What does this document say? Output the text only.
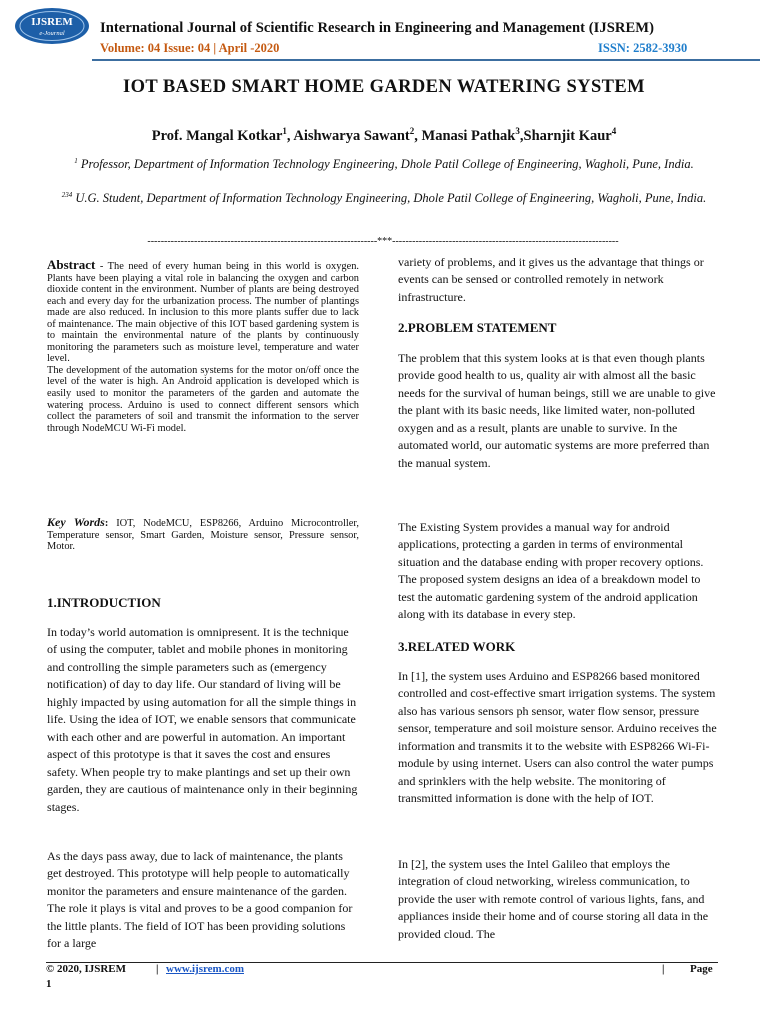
IJSREM
e-Journal International Journal of Scientific Research in Engineering and Management (IJSREM)
Volume: 04 Issue: 04 | April -2020	ISSN: 2582-3930
IOT BASED SMART HOME GARDEN WATERING SYSTEM
Prof. Mangal Kotkar$^1$, Aishwarya Sawant$^2$, Manasi Pathak$^3$,Sharnjit Kaur$^4$
$^1$ Professor, Department of Information Technology Engineering, Dhole Patil College of Engineering, Wagholi, Pune, India.
$^{234}$ U.G. Student, Department of Information Technology Engineering, Dhole Patil College of Engineering, Wagholi, Pune, India.
---------------------------------------------------------------------***--------------------------------------------------------------------
Abstract - The need of every human being in this world is oxygen. Plants have been playing a vital role in balancing the oxygen and carbon dioxide content in the environment. Number of plants are being destroyed each and every day for the urbanization process. The number of plantings made are also reduced. In inclusion to this more plants suffer due to lack of maintenance. The main objective of this IOT based gardening system is to maintain the environmental nature of the plants by continuously monitoring the parameters such as moisture level, temperature and water level.
The development of the automation systems for the motor on/off once the level of the water is high. An Android application is developed which is easily used to monitor the parameters of the garden and automate the watering process. Arduino is used to connect different sensors which collect the parameters of soil and transmit the information to the server through NodeMCU Wi-Fi model.
Key Words: IOT, NodeMCU, ESP8266, Arduino Microcontroller, Temperature sensor, Smart Garden, Moisture sensor, Pressure sensor, Motor.
1.INTRODUCTION
In today’s world automation is omnipresent. It is the technique of using the computer, tablet and mobile phones in monitoring and controlling the simple parameters such as (emergency notification) of day to day life. Our standard of living will be highly impacted by using automation for all the simple things in life. Using the idea of IOT, we enable sensors that communicate with each other and are powerful in automation. An important aspect of this prototype is that it saves the cost and ensures safety. When people try to make plantings and set up their own garden, they are cautious of maintenance only in their beginning stages.
As the days pass away, due to lack of maintenance, the plants get destroyed. This prototype will help people to automatically monitor the parameters and ensure maintenance of the garden. The role it plays is vital and proves to be a good companion for the little plants. The field of IOT has been providing solutions for a large
variety of problems, and it gives us the advantage that things or events can be sensed or controlled remotely in network infrastructure.
2.PROBLEM STATEMENT
The problem that this system looks at is that even though plants provide good health to us, quality air with almost all the basic needs for the survival of human beings, still we are unable to give the plant with its basic needs, like limited water, non-polluted oxygen and as a result, plants are unable to survive. In the automated world, our automatic systems are more preferred than the manual system.
The Existing System provides a manual way for android applications, protecting a garden in terms of environmental situation and the database ending with proper recovery options. The proposed system designs an idea of a breakdown model to test the automatic gardening system of the android application along with its database in every step.
3.RELATED WORK
In [1], the system uses Arduino and ESP8266 based monitored controlled and cost-effective smart irrigation systems. The system also has various sensors ph sensor, water flow sensor, pressure sensor, temperature and soil moisture sensor. Arduino receives the information and transmits it to the website with ESP8266 Wi-Fi-module by using internet. Users can also control the water pumps and sprinklers with the help website. The monitoring of transmitted information is done with the help of IOT.
In [2], the system uses the Intel Galileo that employs the integration of cloud networking, wireless communication, to provide the user with remote control of various lights, fans, and appliances inside their home and of course storing all data in the provided cloud. The
© 2020, IJSREM	| www.ijsrem.com	| Page
1
